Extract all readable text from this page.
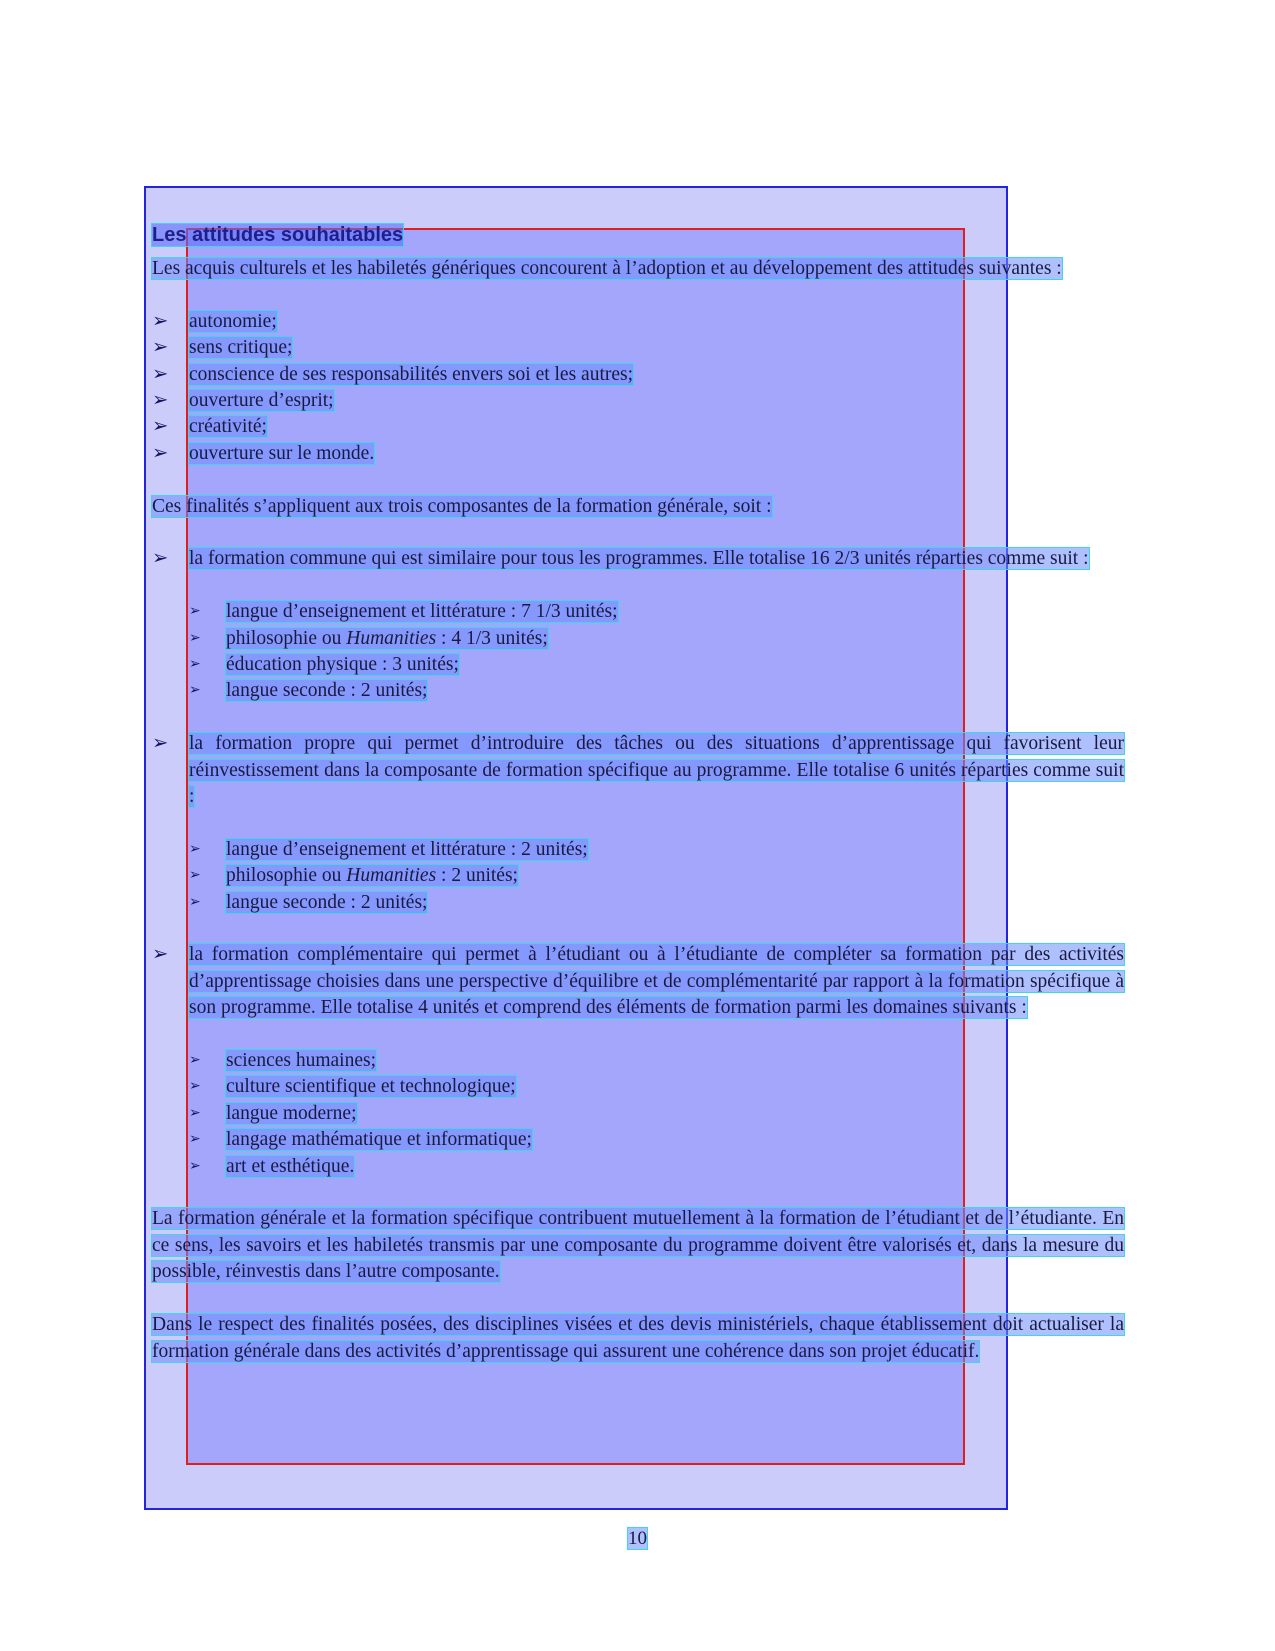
Les attitudes souhaitables

Les acquis culturels et les habiletés génériques concourent à l’adoption et au développement des attitudes suivantes :

➢ autonomie;
➢ sens critique;
➢ conscience de ses responsabilités envers soi et les autres;
➢ ouverture d’esprit;
➢ créativité;
➢ ouverture sur le monde.

Ces finalités s’appliquent aux trois composantes de la formation générale, soit :

➢ la formation commune qui est similaire pour tous les programmes. Elle totalise 16 2/3 unités réparties comme suit :
➢ langue d’enseignement et littérature : 7 1/3 unités;
➢ philosophie ou Humanities : 4 1/3 unités;
➢ éducation physique : 3 unités;
➢ langue seconde : 2 unités;
➢ la formation propre qui permet d’introduire des tâches ou des situations d’apprentissage qui favorisent leur réinvestissement dans la composante de formation spécifique au programme. Elle totalise 6 unités réparties comme suit :
➢ langue d’enseignement et littérature : 2 unités;
➢ philosophie ou Humanities : 2 unités;
➢ langue seconde : 2 unités;
➢ la formation complémentaire qui permet à l’étudiant ou à l’étudiante de compléter sa formation par des activités d’apprentissage choisies dans une perspective d’équilibre et de complémentarité par rapport à la formation spécifique à son programme. Elle totalise 4 unités et comprend des éléments de formation parmi les domaines suivants :
➢ sciences humaines;
➢ culture scientifique et technologique;
➢ langue moderne;
➢ langage mathématique et informatique;
➢ art et esthétique.

La formation générale et la formation spécifique contribuent mutuellement à la formation de l’étudiant et de l’étudiante. En ce sens, les savoirs et les habiletés transmis par une composante du programme doivent être valorisés et, dans la mesure du possible, réinvestis dans l’autre composante.

Dans le respect des finalités posées, des disciplines visées et des devis ministériels, chaque établissement doit actualiser la formation générale dans des activités d’apprentissage qui assurent une cohérence dans son projet éducatif.

10
